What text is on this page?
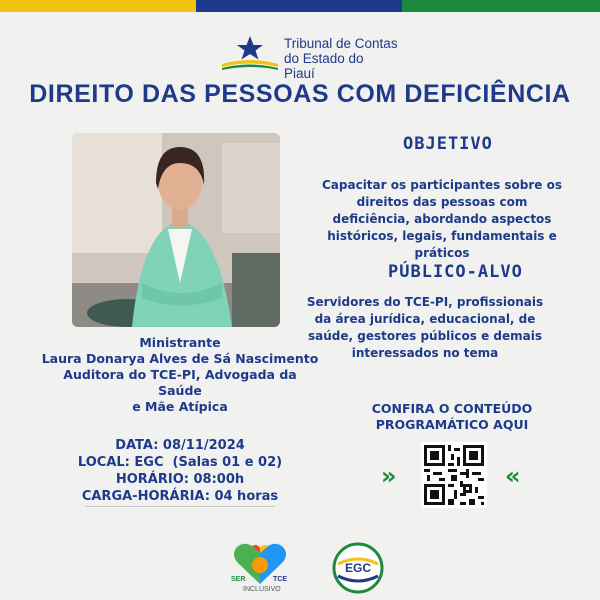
Tribunal de Contas
do Estado do Piauí
DIREITO DAS PESSOAS COM DEFICIÊNCIA
Ministrante
Laura Donarya Alves de Sá Nascimento
Auditora do TCE-PI, Advogada da Saúde
e Mãe Atípica
DATA: 08/11/2024
LOCAL: EGC  (Salas 01 e 02)
HORÁRIO: 08:00h
CARGA-HORÁRIA: 04 horas
OBJETIVO
Capacitar os participantes sobre os direitos das pessoas com deficiência, abordando aspectos históricos, legais, fundamentais e práticos
PÚBLICO-ALVO
Servidores do TCE-PI, profissionais da área jurídica, educacional, de saúde, gestores públicos e demais interessados no tema
CONFIRA O CONTEÚDO
PROGRAMÁTICO AQUI
»	«
SER	TCE
INCLUSIVO
EGC
